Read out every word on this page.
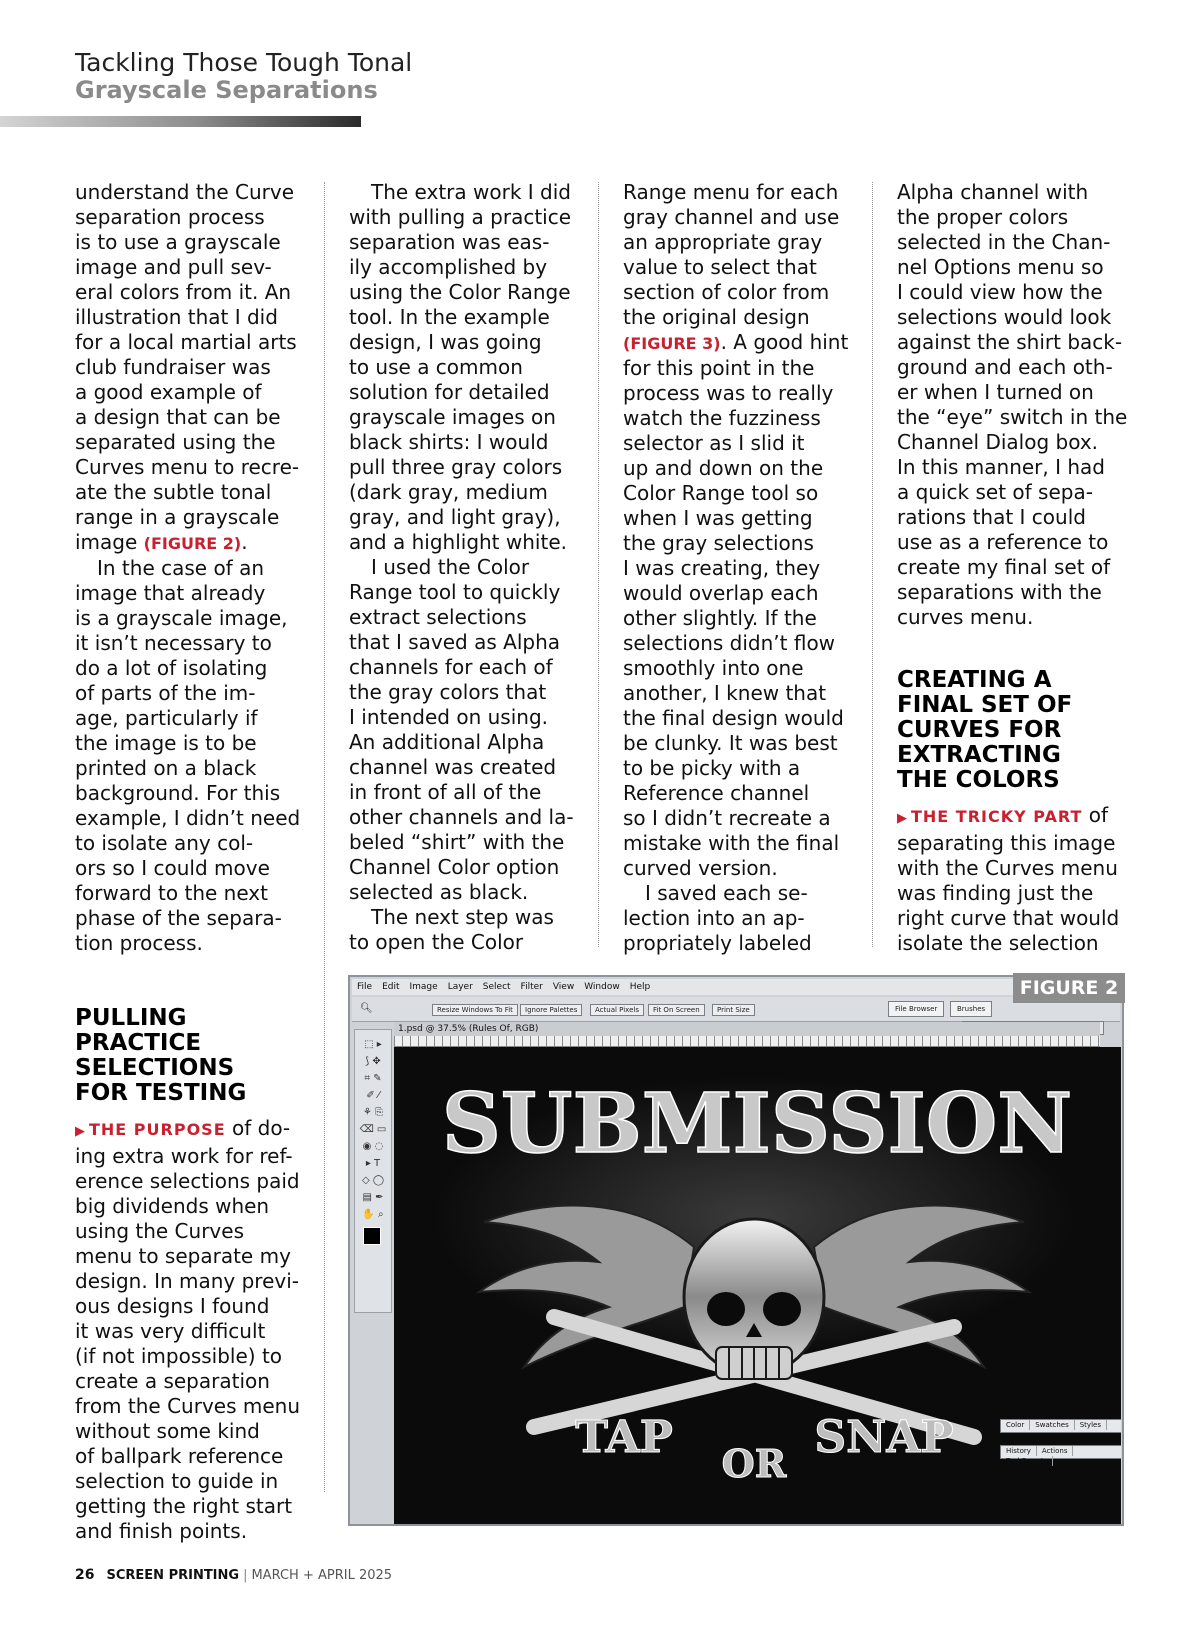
Tackling Those Tough Tonal
Grayscale Separations

understand the Curve

separation process

is to use a grayscale

image and pull sev-

eral colors from it. An

illustration that I did

for a local martial arts

club fundraiser was

a good example of

a design that can be

separated using the

Curves menu to recre-

ate the subtle tonal

range in a grayscale

image (FIGURE 2).

In the case of an

image that already

is a grayscale image,

it isn’t necessary to

do a lot of isolating

of parts of the im-

age, particularly if

the image is to be

printed on a black

background. For this

example, I didn’t need

to isolate any col-

ors so I could move

forward to the next

phase of the separa-

tion process.

PULLING

PRACTICE

SELECTIONS

FOR TESTING

▶ THE PURPOSE of do-

ing extra work for ref-

erence selections paid

big dividends when

using the Curves

menu to separate my

design. In many previ-

ous designs I found

it was very difficult

(if not impossible) to

create a separation

from the Curves menu

without some kind

of ballpark reference

selection to guide in

getting the right start

and finish points.

The extra work I did

with pulling a practice

separation was eas-

ily accomplished by

using the Color Range

tool. In the example

design, I was going

to use a common

solution for detailed

grayscale images on

black shirts: I would

pull three gray colors

(dark gray, medium

gray, and light gray),

and a highlight white.

I used the Color

Range tool to quickly

extract selections

that I saved as Alpha

channels for each of

the gray colors that

I intended on using.

An additional Alpha

channel was created

in front of all of the

other channels and la-

beled “shirt” with the

Channel Color option

selected as black.

The next step was

to open the Color

Range menu for each

gray channel and use

an appropriate gray

value to select that

section of color from

the original design

(FIGURE 3). A good hint

for this point in the

process was to really

watch the fuzziness

selector as I slid it

up and down on the

Color Range tool so

when I was getting

the gray selections

I was creating, they

would overlap each

other slightly. If the

selections didn’t flow

smoothly into one

another, I knew that

the final design would

be clunky. It was best

to be picky with a

Reference channel

so I didn’t recreate a

mistake with the final

curved version.

I saved each se-

lection into an ap-

propriately labeled

Alpha channel with

the proper colors

selected in the Chan-

nel Options menu so

I could view how the

selections would look

against the shirt back-

ground and each oth-

er when I turned on

the “eye” switch in the

Channel Dialog box.

In this manner, I had

a quick set of sepa-

rations that I could

use as a reference to

create my final set of

separations with the

curves menu.

CREATING A

FINAL SET OF

CURVES FOR

EXTRACTING

THE COLORS

▶ THE TRICKY PART of

separating this image

with the Curves menu

was finding just the

right curve that would

isolate the selection

File Edit Image Layer Select Filter View Window Help
🔍︎	Resize Windows To Fit	Ignore Palettes	Actual Pixels	Fit On Screen	Print Size	File Browser	Brushes
⬚ ▸
⟆ ✥
⌗ ✎
✐ ⁄
⚘ ⎘
⌫ ▭
◉ ◌
▸ T
◇ ◯
▤ ✒
✋ ⌕
1.psd @ 37.5% (Rules Of, RGB)
SUBMISSION
TAP
OR
SNAP	Color Swatches Styles
History ActionsTool Presets
FIGURE 2
26 SCREEN PRINTING | MARCH + APRIL 2025
